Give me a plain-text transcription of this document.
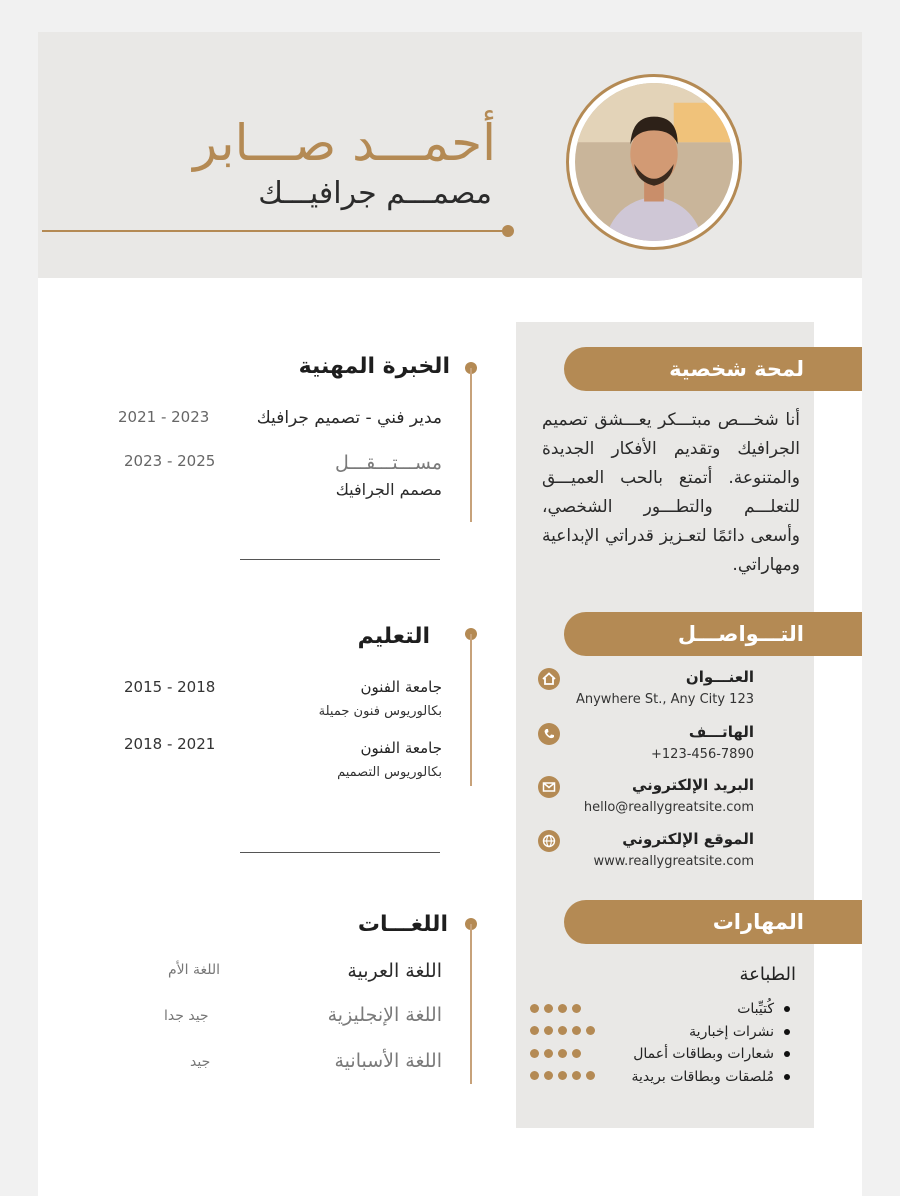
أحمـــد صـــابر
مصمـــم جرافيـــك
لمحة شخصية
أنا شخـــص مبتـــكر يعـــشق تصميم الجرافيك وتقديم الأفكار الجديدة والمتنوعة. أتمتع بالحب العميـــق للتعلـــم والتطـــور الشخصي، وأسعى دائمًا لتعـزيز قدراتي الإبداعية ومهاراتي.
التـــواصـــل
العنـــوان
Anywhere St., Any City 123
الهاتـــف
+123-456-7890
البريد الإلكتروني
hello@reallygreatsite.com
الموقع الإلكتروني
www.reallygreatsite.com
المهارات
الطباعة
كُتيِّبات
نشرات إخبارية
شعارات وبطاقات أعمال
مُلصقات وبطاقات بريدية
الخبرة المهنية
مدير فني - تصميم جرافيك
2021 - 2023
مســـتـــقـــل
مصمم الجرافيك
2023 - 2025
التعليم
جامعة الفنون
بكالوريوس فنون جميلة
2015 - 2018
جامعة الفنون
بكالوريوس التصميم
2018 - 2021
اللغـــات
اللغة العربية
اللغة الأم
اللغة الإنجليزية
جيد جدا
اللغة الأسبانية
جيد
